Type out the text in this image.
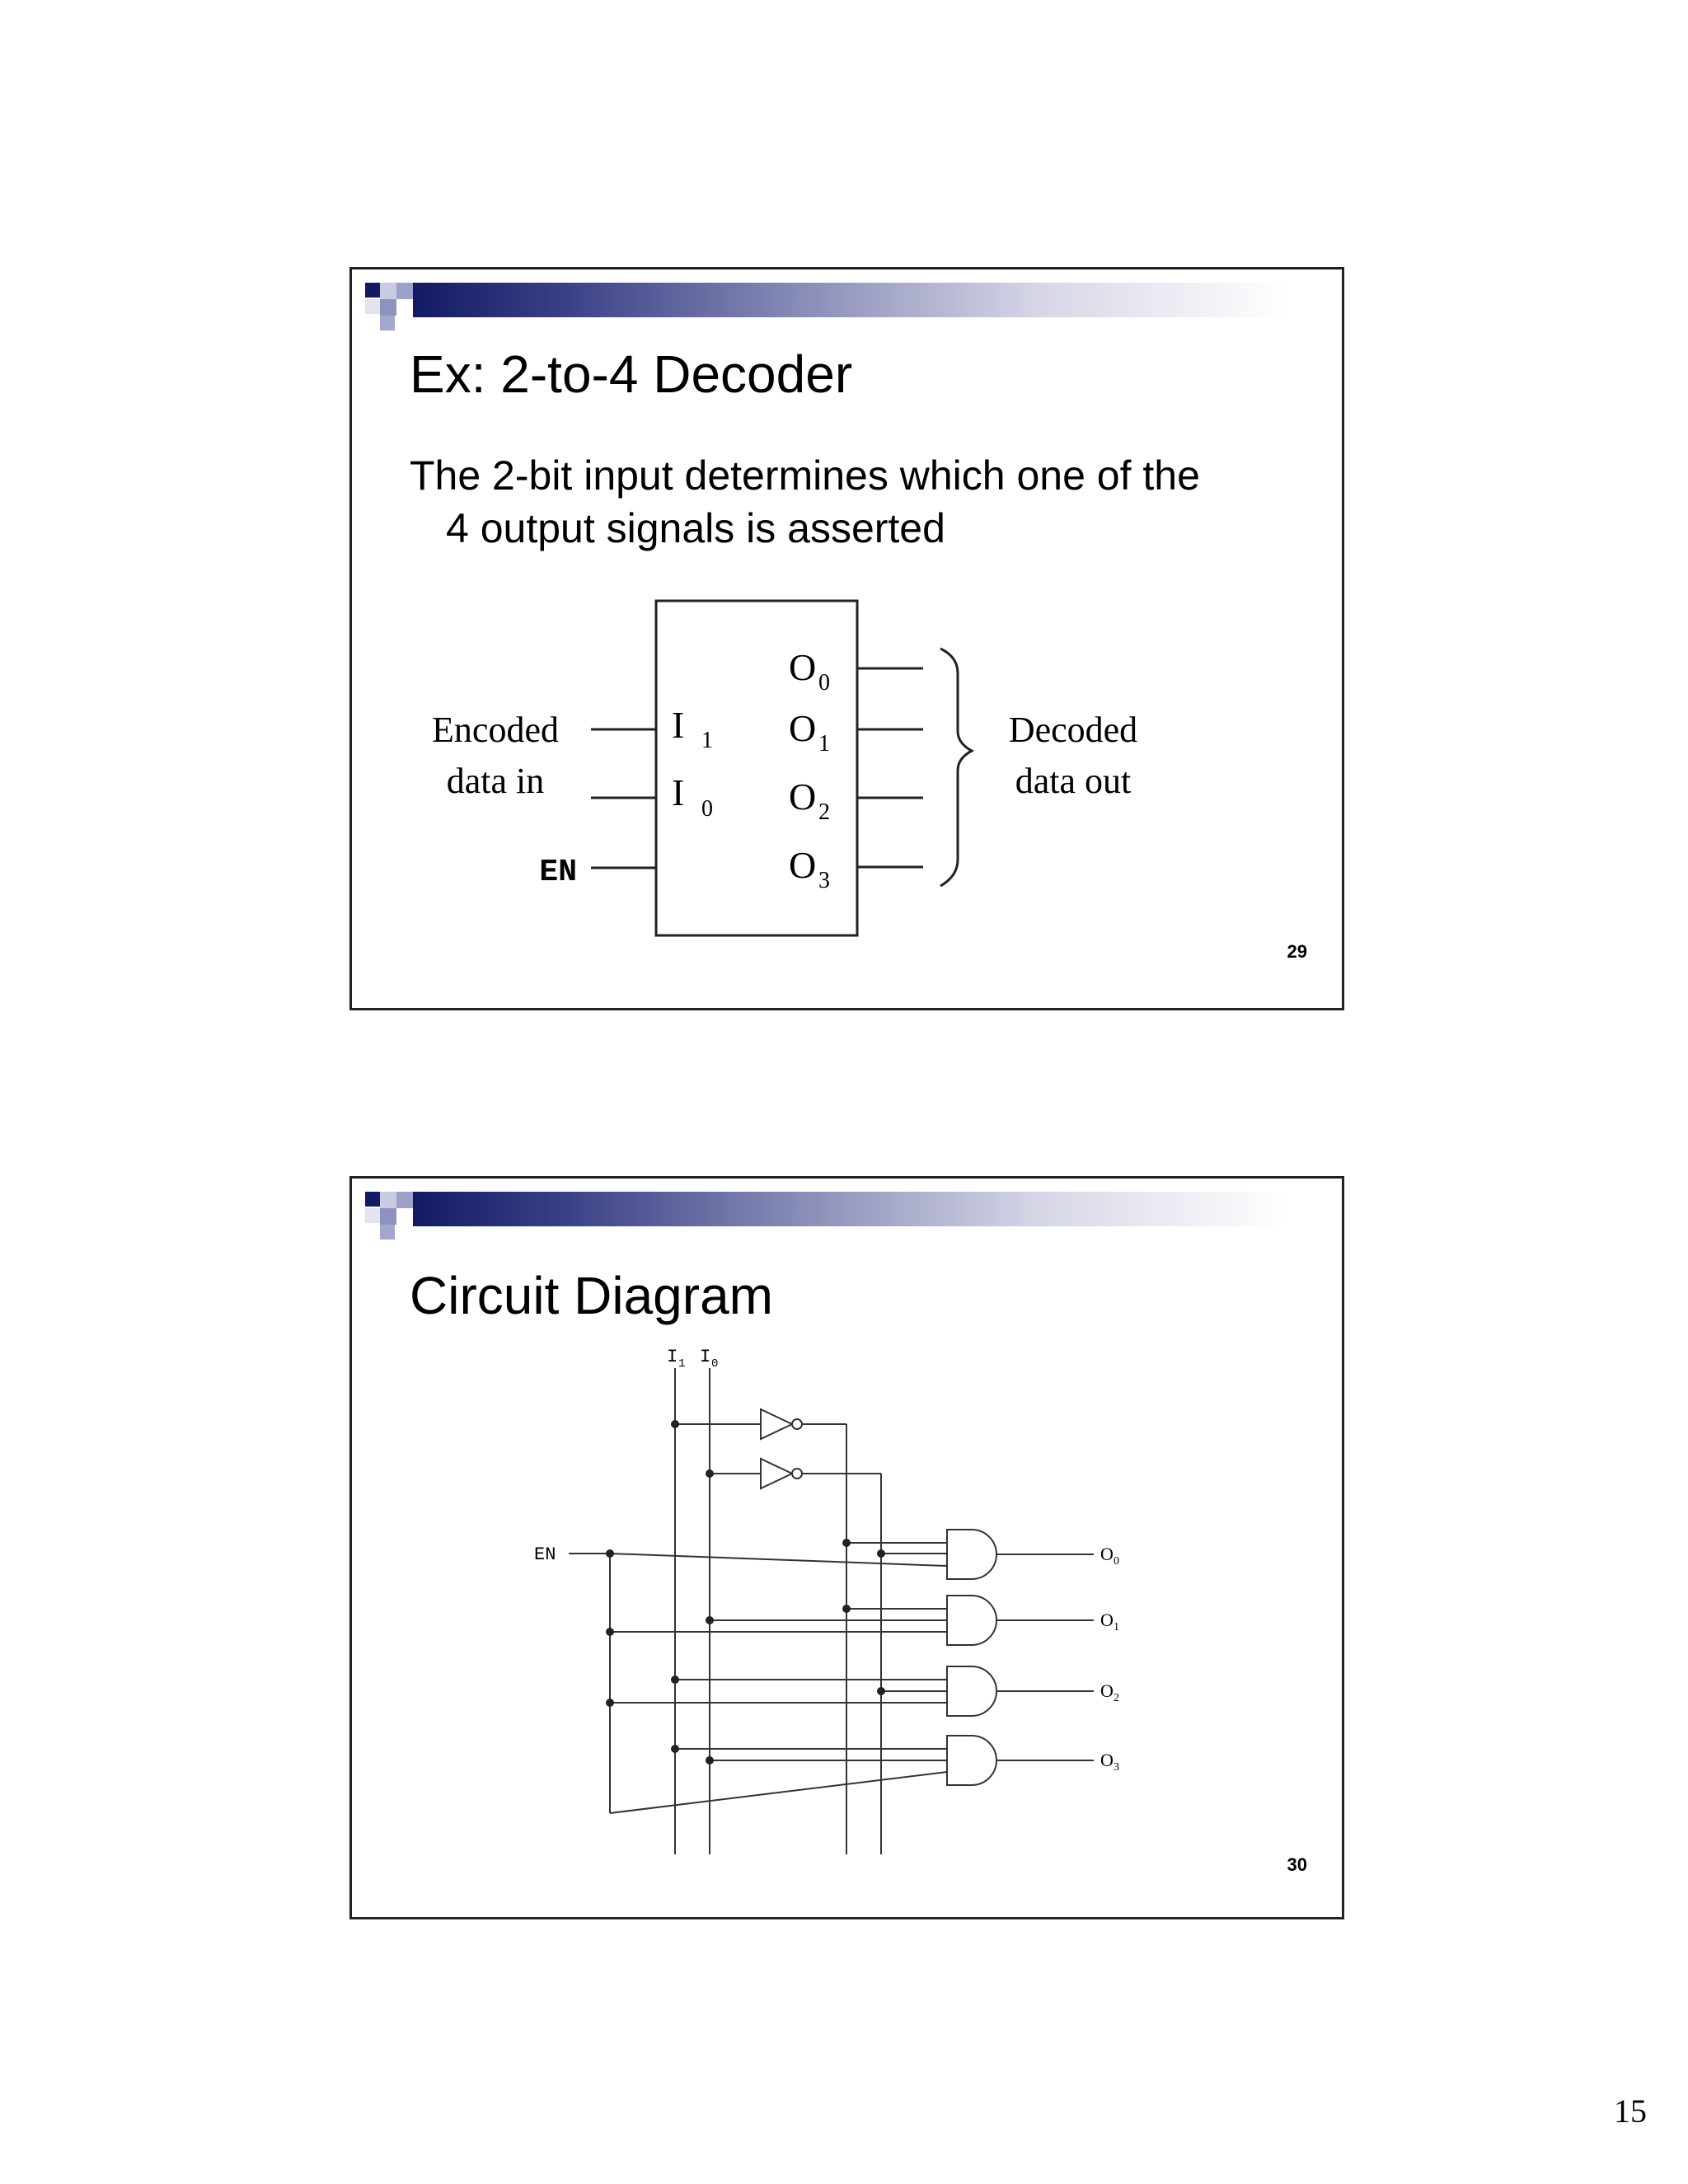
Ex: 2-to-4 Decoder
The 2-bit input determines which one of the
4 output signals is asserted
Encoded
data in
EN
I 1
I 0
O 0
O 1
O 2
O 3
Decoded
data out
29
Circuit Diagram
I 1 I 0
EN	O 0
O 1
O 2
O 3
30
15
